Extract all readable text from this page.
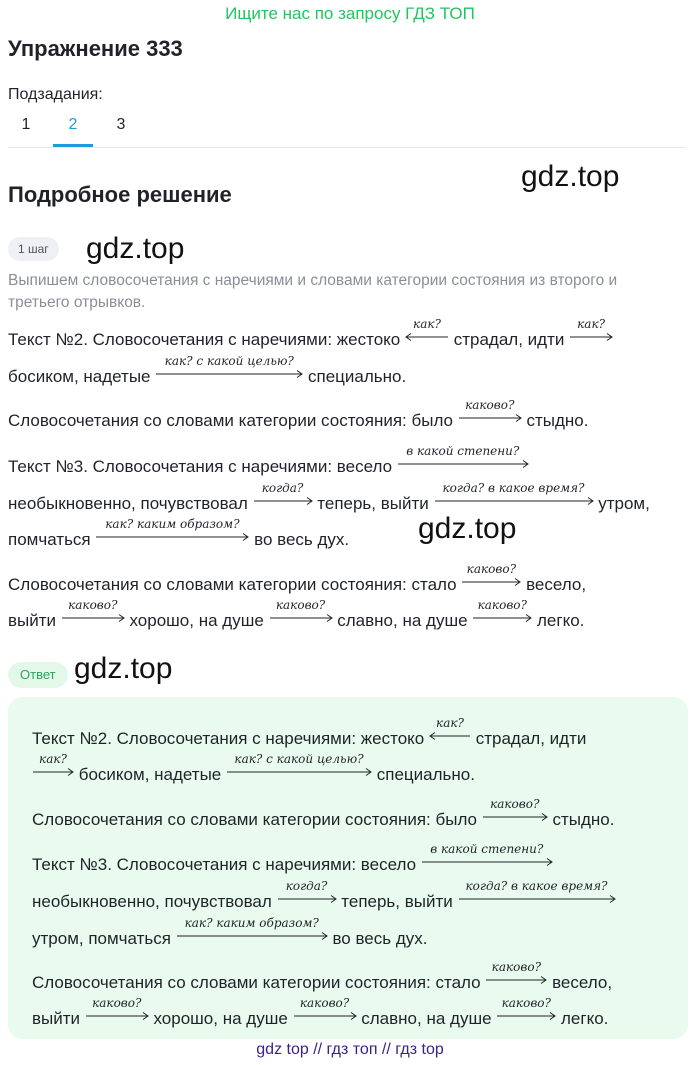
Ищите нас по запросу ГДЗ ТОП
Упражнение 333
Подзадания:
1	2	3
Подробное решение
gdz.top
1 шаг	gdz.top
Выпишем словосочетания с наречиями и словами категории состояния из второго и третьего отрывков.
Текст №2. Словосочетания с наречиями: жестоко
как?
страдал, идти
как?
босиком, надетые
как? с какой целью?
специально.
Словосочетания со словами категории состояния: было
каково?
стыдно.
Текст №3. Словосочетания с наречиями: весело
в какой степени?
необыкновенно, почувствовал
когда?
теперь, выйти
когда? в какое время?
утром,
помчаться
как? каким образом?
во весь дух. gdz.top
Словосочетания со словами категории состояния: стало
каково?
весело,
выйти
каково?
хорошо, на душе
каково?
славно, на душе
каково?
легко.
Ответ gdz.top
Текст №2. Словосочетания с наречиями: жестоко
как?
страдал, идти
как?
босиком, надетые
как? с какой целью?
специально.
Словосочетания со словами категории состояния: было
каково?
стыдно.
Текст №3. Словосочетания с наречиями: весело
в какой степени?
необыкновенно, почувствовал
когда?
теперь, выйти
когда? в какое время?
утром, помчаться
как? каким образом?
во весь дух.
Словосочетания со словами категории состояния: стало
каково?
весело,
выйти
каково?
хорошо, на душе
каково?
славно, на душе
каково?
легко.
gdz top // гдз топ // гдз top
